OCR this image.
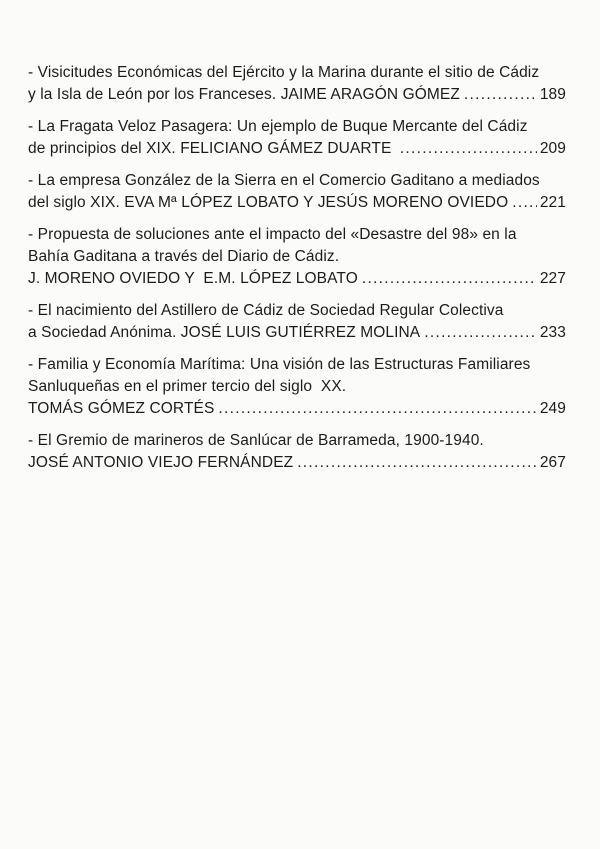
- Visicitudes Económicas del Ejército y la Marina durante el sitio de Cádiz
y la Isla de León por los Franceses. JAIME ARAGÓN GÓMEZ .....	189
- La Fragata Veloz Pasagera: Un ejemplo de Buque Mercante del Cádiz
de principios del XIX. FELICIANO GÁMEZ DUARTE .....	209
- La empresa González de la Sierra en el Comercio Gaditano a mediados
del siglo XIX. EVA Mª LÓPEZ LOBATO Y JESÚS MORENO OVIEDO ..... 221
- Propuesta de soluciones ante el impacto del «Desastre del 98» en la
Bahía Gaditana a través del Diario de Cádiz.
J. MORENO OVIEDO Y  E.M. LÓPEZ LOBATO .....	227
- El nacimiento del Astillero de Cádiz de Sociedad Regular Colectiva
a Sociedad Anónima. JOSÉ LUIS GUTIÉRREZ MOLINA .....	233
- Familia y Economía Marítima: Una visión de las Estructuras Familiares
Sanluqueñas en el primer tercio del siglo  XX.
TOMÁS GÓMEZ CORTÉS .....	249
- El Gremio de marineros de Sanlúcar de Barrameda, 1900-1940.
JOSÉ ANTONIO VIEJO FERNÁNDEZ .....	267
